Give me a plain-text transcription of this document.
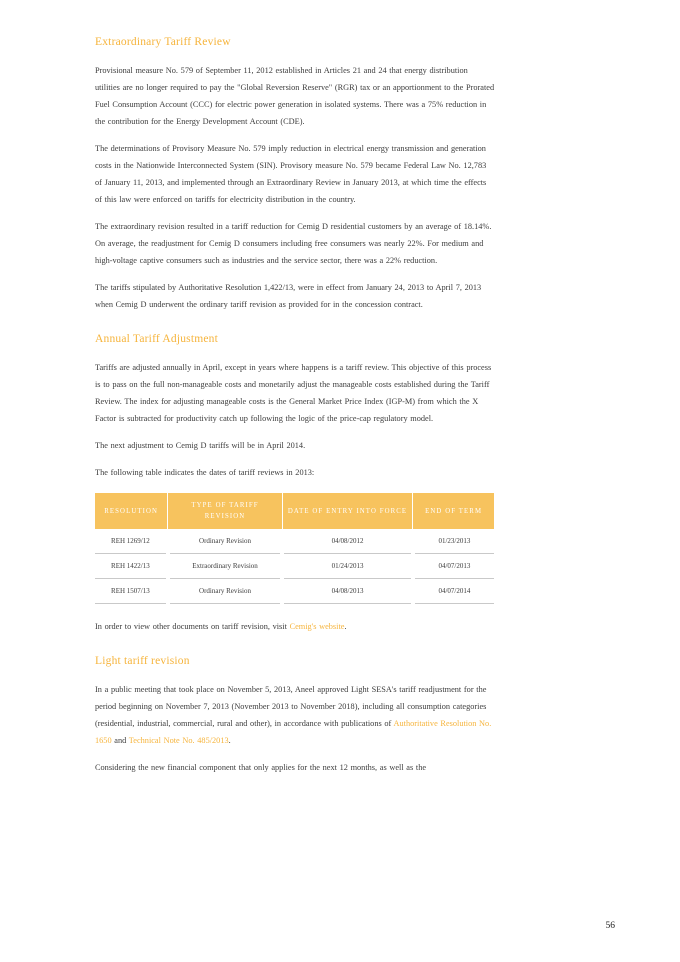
Extraordinary Tariff Review

Provisional measure No. 579 of September 11, 2012 established in Articles 21 and 24 that energy distribution utilities are no longer required to pay the "Global Reversion Reserve" (RGR) tax or an apportionment to the Prorated Fuel Consumption Account (CCC) for electric power generation in isolated systems. There was a 75% reduction in the contribution for the Energy Development Account (CDE).

The determinations of Provisory Measure No. 579 imply reduction in electrical energy transmission and generation costs in the Nationwide Interconnected System (SIN). Provisory measure No. 579 became Federal Law No. 12,783 of January 11, 2013, and implemented through an Extraordinary Review in January 2013, at which time the effects of this law were enforced on tariffs for electricity distribution in the country.

The extraordinary revision resulted in a tariff reduction for Cemig D residential customers by an average of 18.14%. On average, the readjustment for Cemig D consumers including free consumers was nearly 22%. For medium and high-voltage captive consumers such as industries and the service sector, there was a 22% reduction.

The tariffs stipulated by Authoritative Resolution 1,422/13, were in effect from January 24, 2013 to April 7, 2013 when Cemig D underwent the ordinary tariff revision as provided for in the concession contract.

Annual Tariff Adjustment

Tariffs are adjusted annually in April, except in years where happens is a tariff review. This objective of this process is to pass on the full non-manageable costs and monetarily adjust the manageable costs established during the Tariff Review. The index for adjusting manageable costs is the General Market Price Index (IGP-M) from which the X Factor is subtracted for productivity catch up following the logic of the price-cap regulatory model.

The next adjustment to Cemig D tariffs will be in April 2014.

The following table indicates the dates of tariff reviews in 2013:

RESOLUTION	TYPE OF TARIFF REVISION	DATE OF ENTRY INTO FORCE	END OF TERM
REH 1269/12	Ordinary Revision	04/08/2012	01/23/2013
REH 1422/13	Extraordinary Revision	01/24/2013	04/07/2013
REH 1507/13	Ordinary Revision	04/08/2013	04/07/2014

In order to view other documents on tariff revision, visit Cemig's website.

Light tariff revision

In a public meeting that took place on November 5, 2013, Aneel approved Light SESA's tariff readjustment for the period beginning on November 7, 2013 (November 2013 to November 2018), including all consumption categories (residential, industrial, commercial, rural and other), in accordance with publications of Authoritative Resolution No. 1650 and Technical Note No. 485/2013.

Considering the new financial component that only applies for the next 12 months, as well as the

56
